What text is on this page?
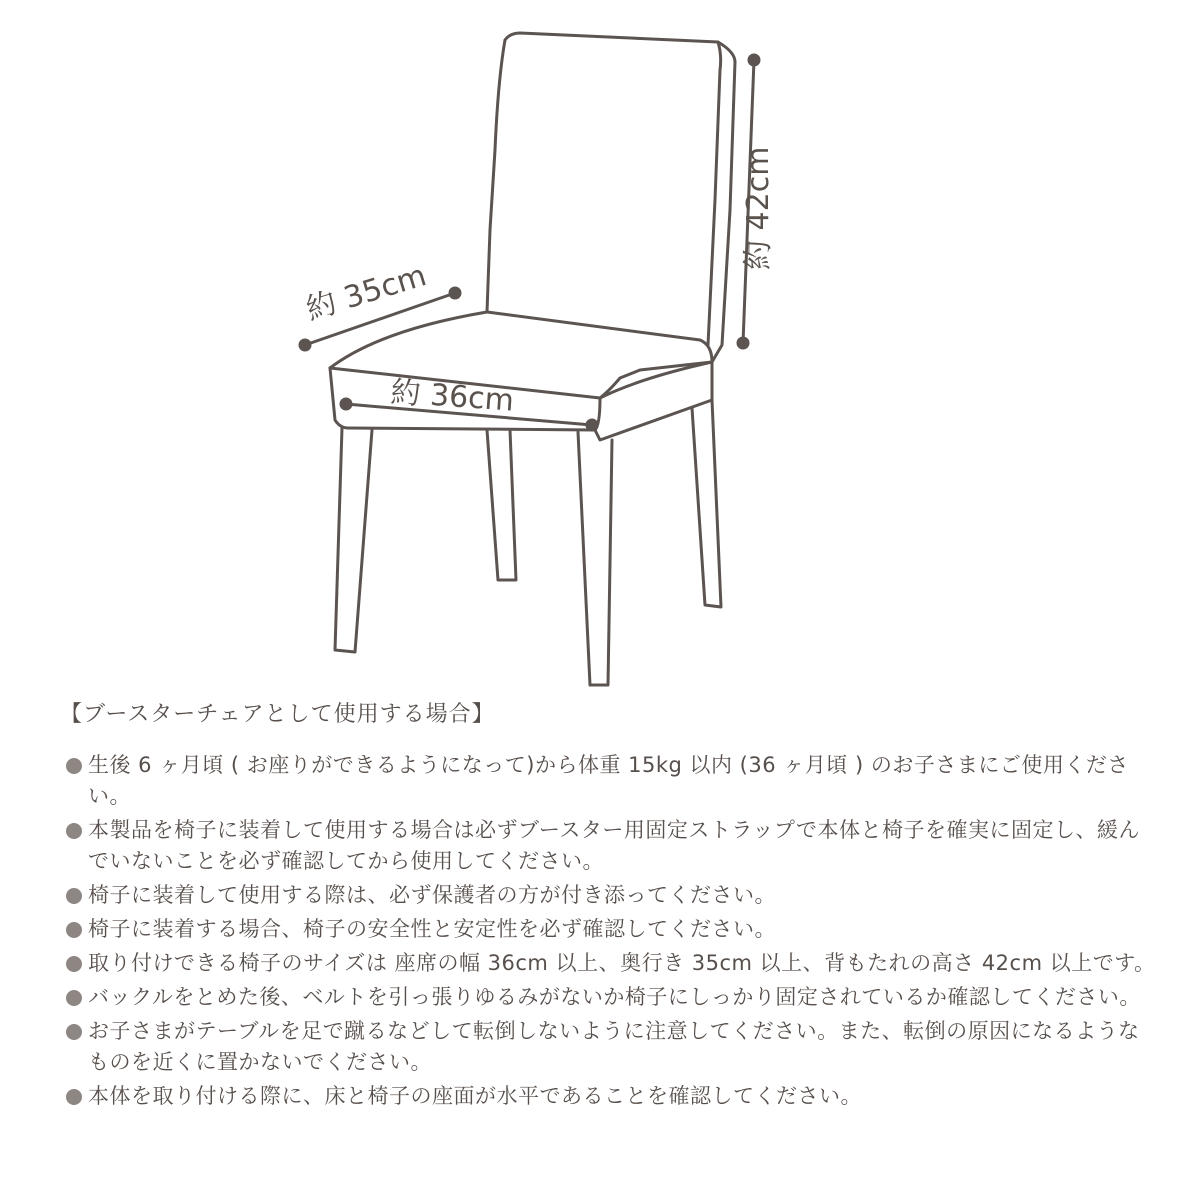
約 42cm
約 35cm
約 36cm
【ブースターチェアとして使用する場合】
生後 6 ヶ月頃 ( お座りができるようになって)から体重 15kg 以内 (36 ヶ月頃 ) のお子さまにご使用ください。
本製品を椅子に装着して使用する場合は必ずブースター用固定ストラップで本体と椅子を確実に固定し、緩んでいないことを必ず確認してから使用してください。
椅子に装着して使用する際は、必ず保護者の方が付き添ってください。
椅子に装着する場合、椅子の安全性と安定性を必ず確認してください。
取り付けできる椅子のサイズは 座席の幅 36cm 以上、奥行き 35cm 以上、背もたれの高さ 42cm 以上です。
バックルをとめた後、ベルトを引っ張りゆるみがないか椅子にしっかり固定されているか確認してください。
お子さまがテーブルを足で蹴るなどして転倒しないように注意してください。また、転倒の原因になるようなものを近くに置かないでください。
本体を取り付ける際に、床と椅子の座面が水平であることを確認してください。
